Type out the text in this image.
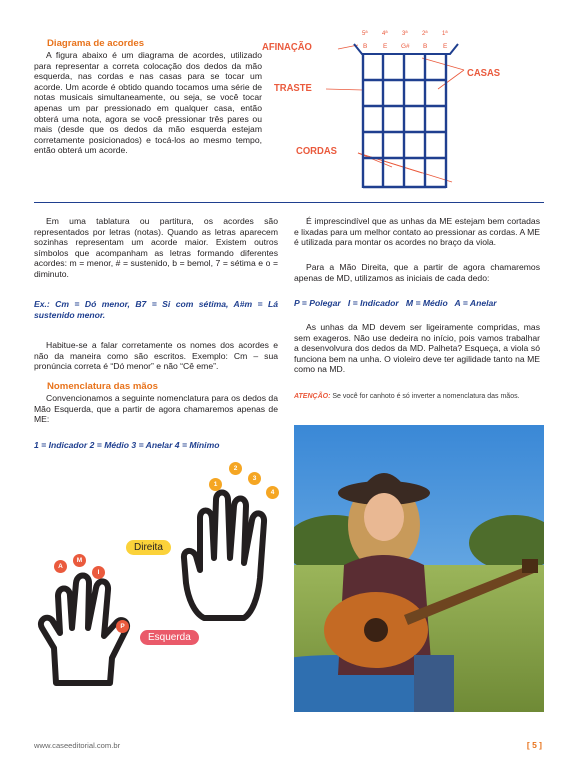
Diagrama de acordes

A figura abaixo é um diagrama de acordes, utilizado para representar a correta colocação dos dedos da mão esquerda, nas cordas e nas casas para se tocar um acorde. Um acorde é obtido quando tocamos uma série de notas musicais simultaneamente, ou seja, se você tocar apenas um par pressionado em qualquer casa, então obterá uma nota, agora se você pressionar três pares ou mais (desde que os dedos da mão esquerda estejam corretamente posicionados) e tocá-los ao mesmo tempo, então obterá um acorde.

AFINAÇÃO
CASAS
TRASTE
CORDAS
5ª 4ª 3ª 2ª 1ª
B E G# B E

Em uma tablatura ou partitura, os acordes são representados por letras (notas). Quando as letras aparecem sozinhas representam um acorde maior. Existem outros símbolos que acompanham as letras formando diferentes acordes: m = menor, # = sustenido, b = bemol, 7 = sétima e o = diminuto.

Ex.: Cm = Dó menor, B7 = Si com sétima, A#m = Lá sustenido menor.

Habitue-se a falar corretamente os nomes dos acordes e não da maneira como são escritos. Exemplo: Cm – sua pronúncia correta é “Dó menor” e não “Cê eme”.

Nomenclatura das mãos

Convencionamos a seguinte nomenclatura para os dedos da Mão Esquerda, que a partir de agora chamaremos apenas de ME:

1 = Indicador 2 = Médio 3 = Anelar 4 = Mínimo

1
2
3
4
P
I
M
A
Direita
Esquerda

É imprescindível que as unhas da ME estejam bem cortadas e lixadas para um melhor contato ao pressionar as cordas. A ME é utilizada para montar os acordes no braço da viola.

Para a Mão Direita, que a partir de agora chamaremos apenas de MD, utilizamos as iniciais de cada dedo:

P = Polegar   I = Indicador   M = Médio   A = Anelar

As unhas da MD devem ser ligeiramente compridas, mas sem exageros. Não use dedeira no início, pois vamos trabalhar a desenvolvura dos dedos da MD. Palheta? Esqueça, a viola só funciona bem na unha. O violeiro deve ter agilidade tanto na ME como na MD.

ATENÇÃO: Se você for canhoto é só inverter a nomenclatura das mãos.
www.caseeditorial.com.br	[ 5 ]
